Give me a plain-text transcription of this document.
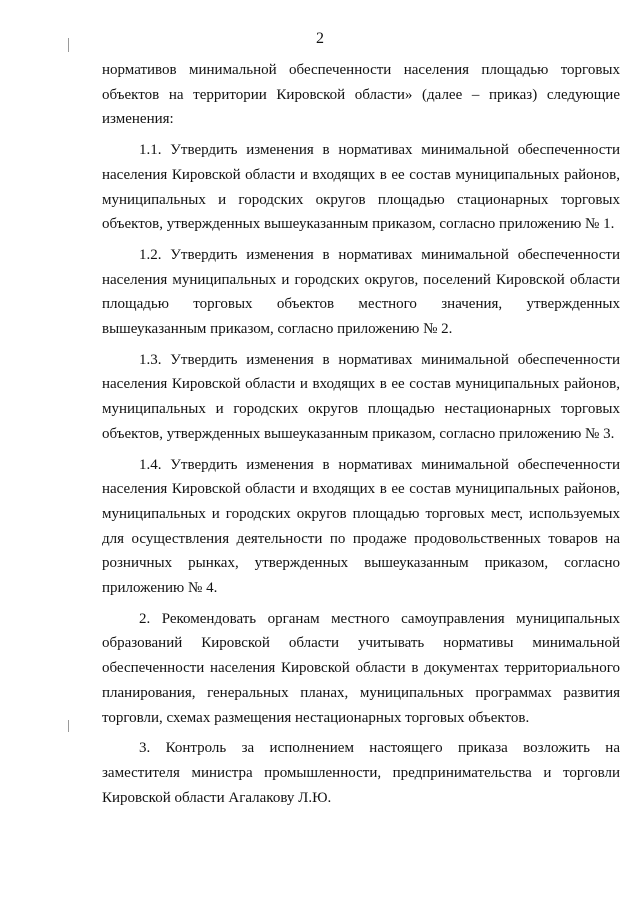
2

нормативов минимальной обеспеченности населения площадью торговых объектов на территории Кировской области» (далее – приказ) следующие изменения:

1.1. Утвердить изменения в нормативах минимальной обеспеченности населения Кировской области и входящих в ее состав муниципальных районов, муниципальных и городских округов площадью стационарных торговых объектов, утвержденных вышеуказанным приказом, согласно приложению № 1.

1.2. Утвердить изменения в нормативах минимальной обеспеченности населения муниципальных и городских округов, поселений Кировской области площадью торговых объектов местного значения, утвержденных вышеуказанным приказом, согласно приложению № 2.

1.3. Утвердить изменения в нормативах минимальной обеспеченности населения Кировской области и входящих в ее состав муниципальных районов, муниципальных и городских округов площадью нестационарных торговых объектов, утвержденных вышеуказанным приказом, согласно приложению № 3.

1.4. Утвердить изменения в нормативах минимальной обеспеченности населения Кировской области и входящих в ее состав муниципальных районов, муниципальных и городских округов площадью торговых мест, используемых для осуществления деятельности по продаже продовольственных товаров на розничных рынках, утвержденных вышеуказанным приказом, согласно приложению № 4.

2. Рекомендовать органам местного самоуправления муниципальных образований Кировской области учитывать нормативы минимальной обеспеченности населения Кировской области в документах территориального планирования, генеральных планах, муниципальных программах развития торговли, схемах размещения нестационарных торговых объектов.

3. Контроль за исполнением настоящего приказа возложить на заместителя министра промышленности, предпринимательства и торговли Кировской области Агалакову Л.Ю.
